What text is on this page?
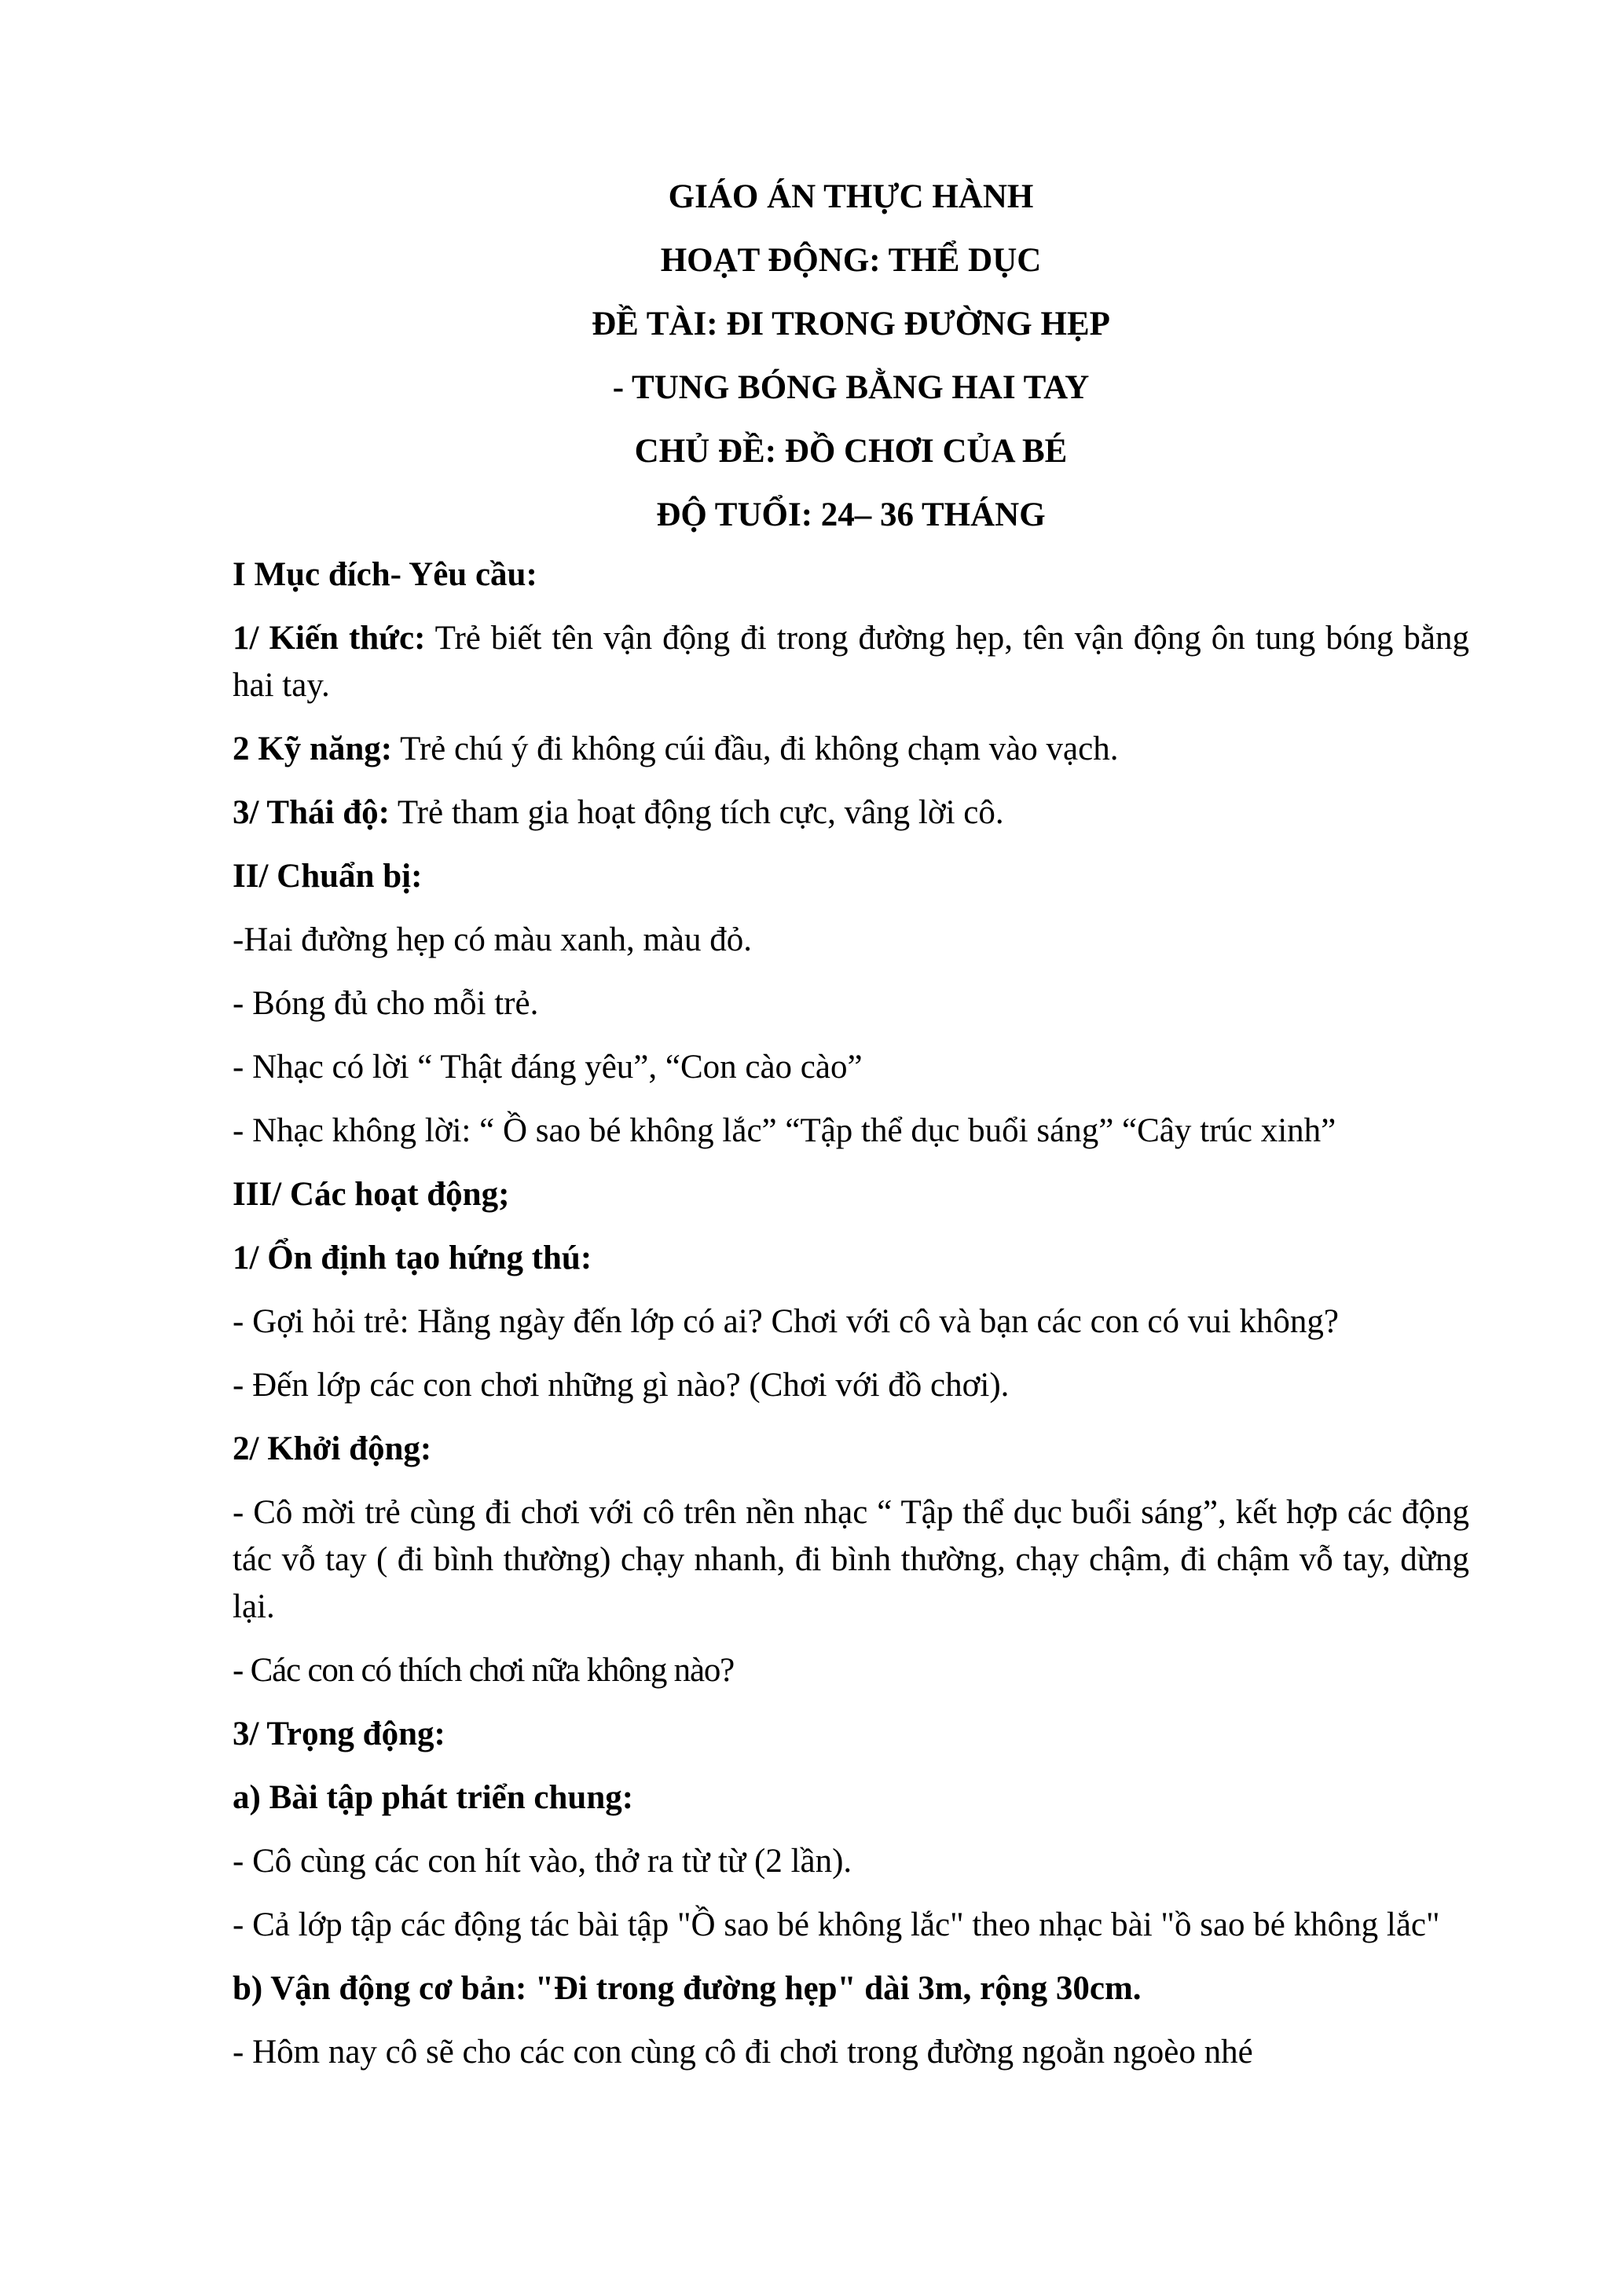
GIÁO ÁN THỰC HÀNH
HOẠT ĐỘNG: THỂ DỤC
ĐỀ TÀI: ĐI TRONG ĐƯỜNG HẸP
- TUNG BÓNG BẰNG HAI TAY
CHỦ ĐỀ: ĐỒ CHƠI CỦA BÉ
ĐỘ TUỔI: 24– 36 THÁNG

I Mục đích- Yêu cầu:

1/ Kiến thức: Trẻ biết tên vận động đi trong đường hẹp, tên vận động ôn tung bóng bằng hai tay.

2 Kỹ năng: Trẻ chú ý đi không cúi đầu, đi không chạm vào vạch.

3/ Thái độ: Trẻ tham gia hoạt động tích cực, vâng lời cô.

II/ Chuẩn bị:

-Hai đường hẹp có màu xanh, màu đỏ.

- Bóng đủ cho mỗi trẻ.

- Nhạc có lời “ Thật đáng yêu”, “Con cào cào”

- Nhạc không lời: “ Ồ sao bé không lắc” “Tập thể dục buổi sáng” “Cây trúc xinh”

III/ Các hoạt động;

1/ Ổn định tạo hứng thú:

- Gợi hỏi trẻ: Hằng ngày đến lớp có ai? Chơi với cô và bạn các con có vui không?

- Đến lớp các con chơi những gì nào? (Chơi với đồ chơi).

2/ Khởi động:

- Cô mời trẻ cùng đi chơi với cô trên nền nhạc “ Tập thể dục buổi sáng”, kết hợp các động tác vỗ tay ( đi bình thường) chạy nhanh, đi bình thường, chạy chậm, đi chậm vỗ tay, dừng lại.

- Các con có thích chơi nữa không nào?

3/ Trọng động:

a) Bài tập phát triển chung:

- Cô cùng các con hít vào, thở ra từ từ (2 lần).

- Cả lớp tập các động tác bài tập "Ồ sao bé không lắc" theo nhạc bài "ồ sao bé không lắc"

b) Vận động cơ bản: "Đi trong đường hẹp" dài 3m, rộng 30cm.

- Hôm nay cô sẽ cho các con cùng cô đi chơi trong đường ngoằn ngoèo nhé
